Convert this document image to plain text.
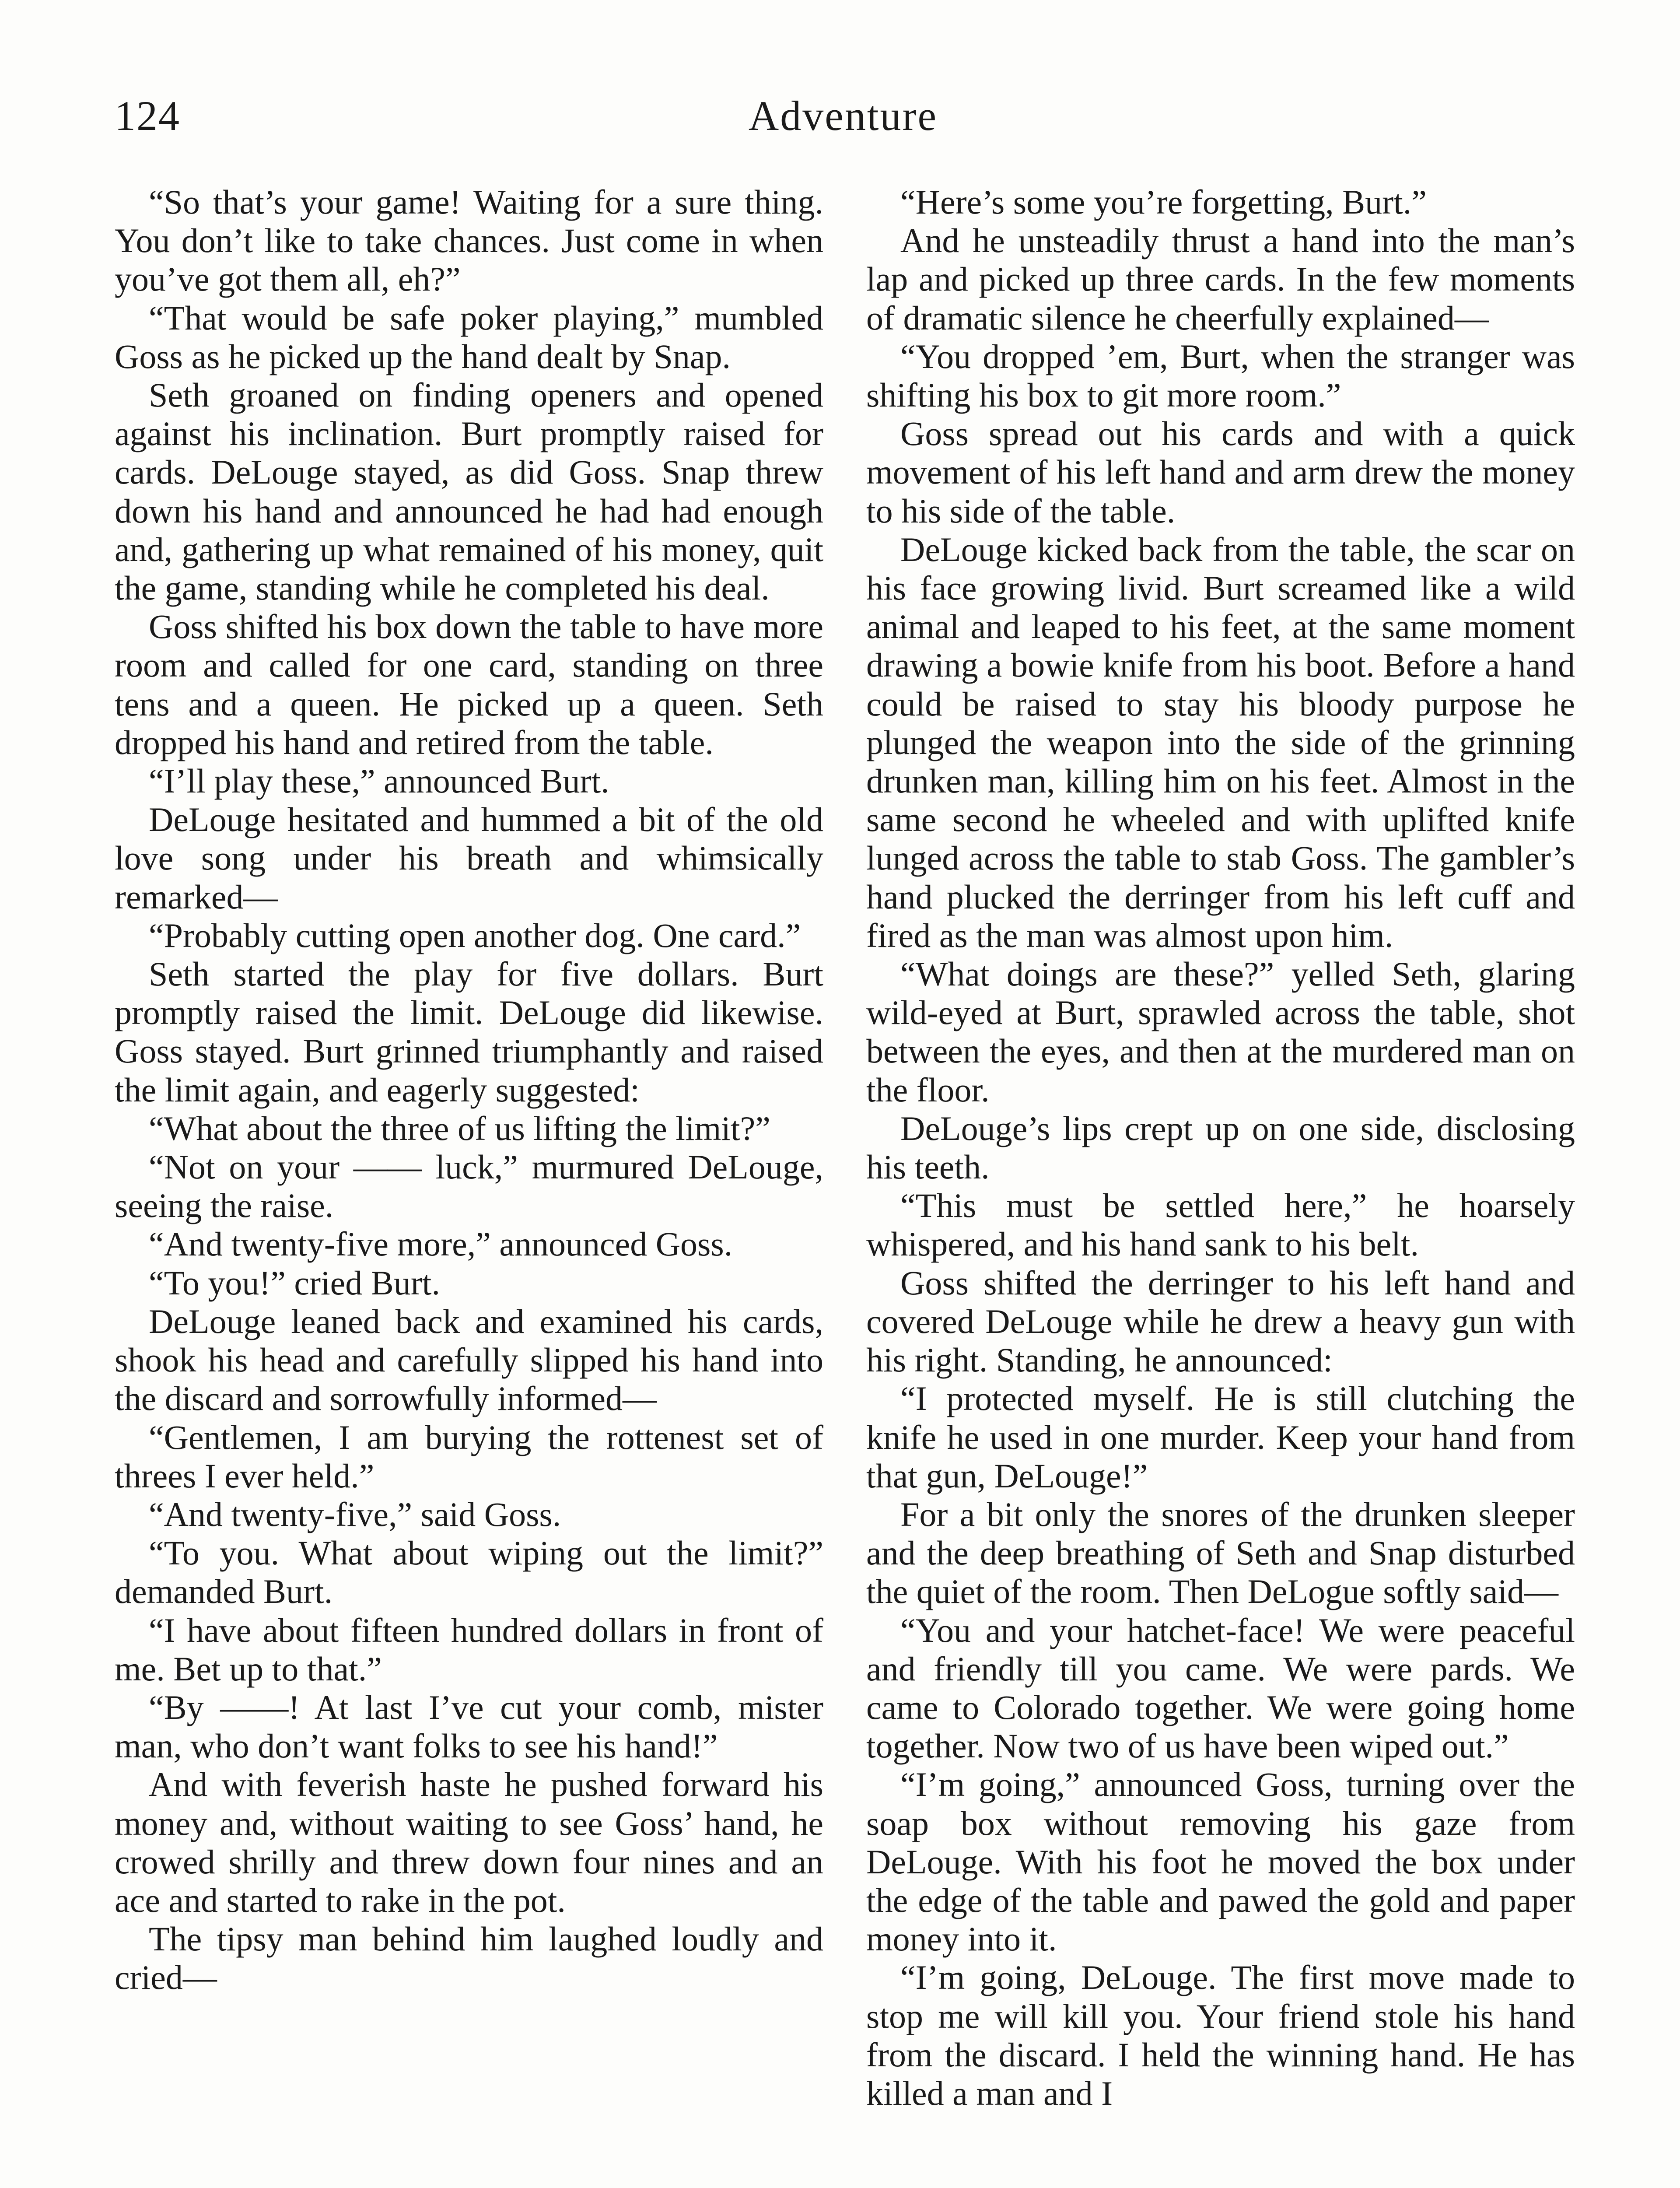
124	Adventure

“So that’s your game! Waiting for a sure thing. You don’t like to take chances. Just come in when you’ve got them all, eh?”

“That would be safe poker playing,” mumbled Goss as he picked up the hand dealt by Snap.

Seth groaned on finding openers and opened against his inclination. Burt promptly raised for cards. DeLouge stayed, as did Goss. Snap threw down his hand and announced he had had enough and, gathering up what remained of his money, quit the game, standing while he completed his deal.

Goss shifted his box down the table to have more room and called for one card, standing on three tens and a queen. He picked up a queen. Seth dropped his hand and retired from the table.

“I’ll play these,” announced Burt.

DeLouge hesitated and hummed a bit of the old love song under his breath and whimsically remarked—

“Probably cutting open another dog. One card.”

Seth started the play for five dollars. Burt promptly raised the limit. DeLouge did likewise. Goss stayed. Burt grinned triumphantly and raised the limit again, and eagerly suggested:

“What about the three of us lifting the limit?”

“Not on your —— luck,” murmured DeLouge, seeing the raise.

“And twenty-five more,” announced Goss.

“To you!” cried Burt.

DeLouge leaned back and examined his cards, shook his head and carefully slipped his hand into the discard and sorrowfully informed—

“Gentlemen, I am burying the rottenest set of threes I ever held.”

“And twenty-five,” said Goss.

“To you. What about wiping out the limit?” demanded Burt.

“I have about fifteen hundred dollars in front of me. Bet up to that.”

“By ——! At last I’ve cut your comb, mister man, who don’t want folks to see his hand!”

And with feverish haste he pushed forward his money and, without waiting to see Goss’ hand, he crowed shrilly and threw down four nines and an ace and started to rake in the pot.

The tipsy man behind him laughed loudly and cried—

“Here’s some you’re forgetting, Burt.”

And he unsteadily thrust a hand into the man’s lap and picked up three cards. In the few moments of dramatic silence he cheerfully explained—

“You dropped ’em, Burt, when the stranger was shifting his box to git more room.”

Goss spread out his cards and with a quick movement of his left hand and arm drew the money to his side of the table.

DeLouge kicked back from the table, the scar on his face growing livid. Burt screamed like a wild animal and leaped to his feet, at the same moment drawing a bowie knife from his boot. Before a hand could be raised to stay his bloody purpose he plunged the weapon into the side of the grinning drunken man, killing him on his feet. Almost in the same second he wheeled and with uplifted knife lunged across the table to stab Goss. The gambler’s hand plucked the derringer from his left cuff and fired as the man was almost upon him.

“What doings are these?” yelled Seth, glaring wild-eyed at Burt, sprawled across the table, shot between the eyes, and then at the murdered man on the floor.

DeLouge’s lips crept up on one side, disclosing his teeth.

“This must be settled here,” he hoarsely whispered, and his hand sank to his belt.

Goss shifted the derringer to his left hand and covered DeLouge while he drew a heavy gun with his right. Standing, he announced:

“I protected myself. He is still clutching the knife he used in one murder. Keep your hand from that gun, DeLouge!”

For a bit only the snores of the drunken sleeper and the deep breathing of Seth and Snap disturbed the quiet of the room. Then DeLogue softly said—

“You and your hatchet-face! We were peaceful and friendly till you came. We were pards. We came to Colorado together. We were going home together. Now two of us have been wiped out.”

“I’m going,” announced Goss, turning over the soap box without removing his gaze from DeLouge. With his foot he moved the box under the edge of the table and pawed the gold and paper money into it.

“I’m going, DeLouge. The first move made to stop me will kill you. Your friend stole his hand from the discard. I held the winning hand. He has killed a man and I
